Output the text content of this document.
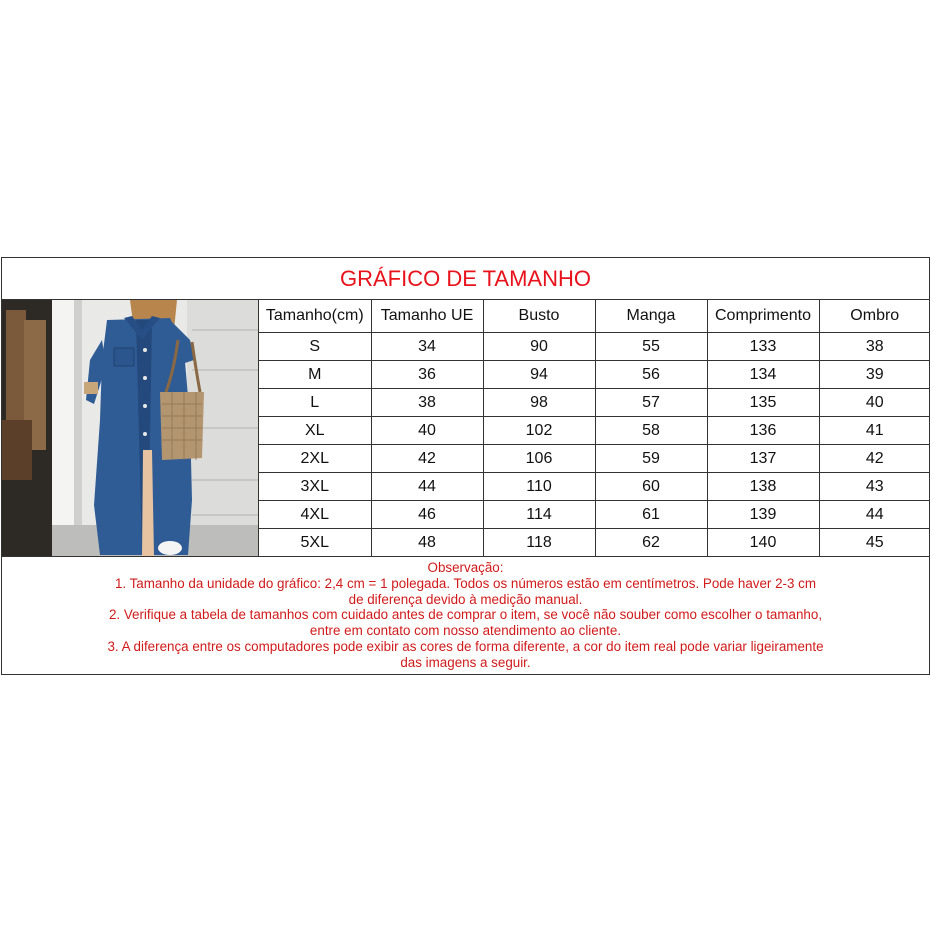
GRÁFICO DE TAMANHO
Tamanho(cm)	Tamanho UE	Busto	Manga	Comprimento	Ombro
S	34	90	55	133	38
M	36	94	56	134	39
L	38	98	57	135	40
XL	40	102	58	136	41
2XL	42	106	59	137	42
3XL	44	110	60	138	43
4XL	46	114	61	139	44
5XL	48	118	62	140	45

Observação:

1. Tamanho da unidade do gráfico: 2,4 cm = 1 polegada. Todos os números estão em centímetros. Pode haver 2-3 cm

de diferença devido à medição manual.

2. Verifique a tabela de tamanhos com cuidado antes de comprar o item, se você não souber como escolher o tamanho,

entre em contato com nosso atendimento ao cliente.

3. A diferença entre os computadores pode exibir as cores de forma diferente, a cor do item real pode variar ligeiramente

das imagens a seguir.
